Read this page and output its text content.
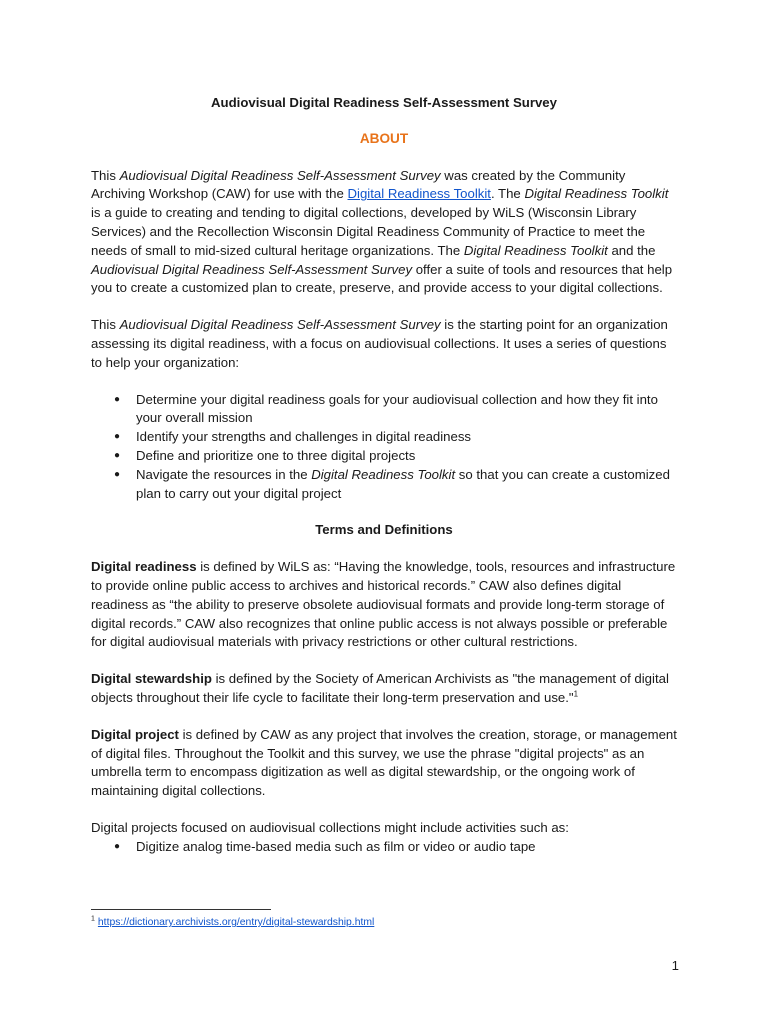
Audiovisual Digital Readiness Self-Assessment Survey
ABOUT

This Audiovisual Digital Readiness Self-Assessment Survey was created by the Community Archiving Workshop (CAW) for use with the Digital Readiness Toolkit. The Digital Readiness Toolkit is a guide to creating and tending to digital collections, developed by WiLS (Wisconsin Library Services) and the Recollection Wisconsin Digital Readiness Community of Practice to meet the needs of small to mid-sized cultural heritage organizations. The Digital Readiness Toolkit and the Audiovisual Digital Readiness Self-Assessment Survey offer a suite of tools and resources that help you to create a customized plan to create, preserve, and provide access to your digital collections.

This Audiovisual Digital Readiness Self-Assessment Survey is the starting point for an organization assessing its digital readiness, with a focus on audiovisual collections. It uses a series of questions to help your organization:

● Determine your digital readiness goals for your audiovisual collection and how they fit into your overall mission
● Identify your strengths and challenges in digital readiness
● Define and prioritize one to three digital projects
● Navigate the resources in the Digital Readiness Toolkit so that you can create a customized plan to carry out your digital project
Terms and Definitions

Digital readiness is defined by WiLS as: “Having the knowledge, tools, resources and infrastructure to provide online public access to archives and historical records.” CAW also defines digital readiness as “the ability to preserve obsolete audiovisual formats and provide long-term storage of digital records.” CAW also recognizes that online public access is not always possible or preferable for digital audiovisual materials with privacy restrictions or other cultural restrictions.

Digital stewardship is defined by the Society of American Archivists as "the management of digital objects throughout their life cycle to facilitate their long-term preservation and use."$^1$

Digital project is defined by CAW as any project that involves the creation, storage, or management of digital files. Throughout the Toolkit and this survey, we use the phrase "digital projects" as an umbrella term to encompass digitization as well as digital stewardship, or the ongoing work of maintaining digital collections.

Digital projects focused on audiovisual collections might include activities such as:

● Digitize analog time-based media such as film or video or audio tape
$^1$ https://dictionary.archivists.org/entry/digital-stewardship.html
1
